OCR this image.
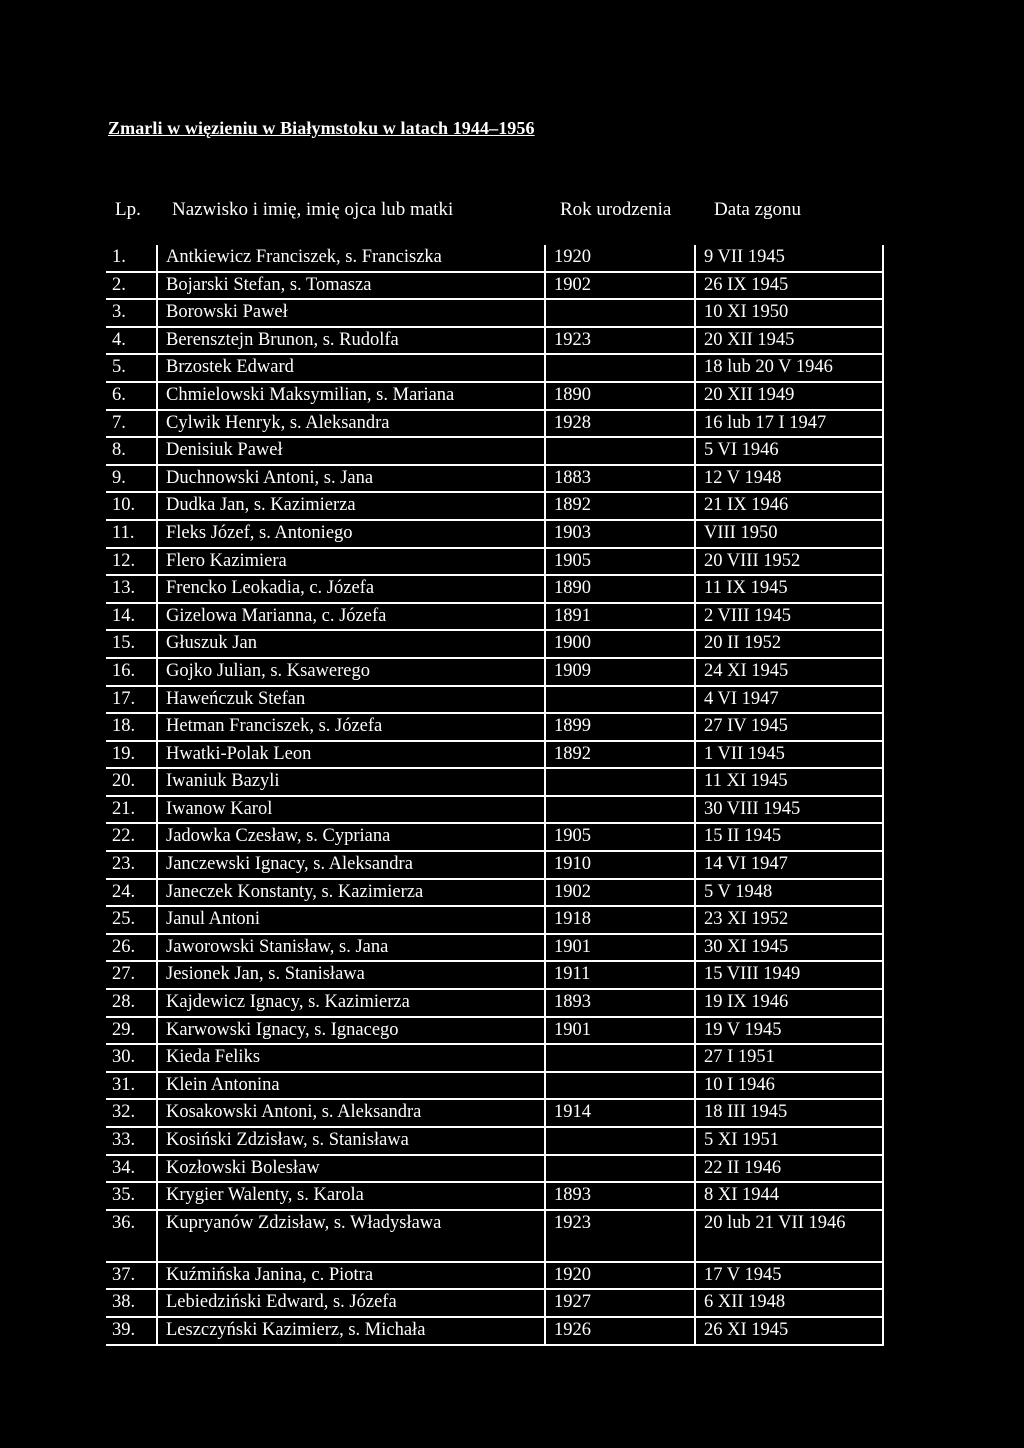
Zmarli w więzieniu w Białymstoku w latach 1944–1956
Lp. Nazwisko i imię, imię ojca lub matki	Rok urodzenia	Data zgonu
1.	Antkiewicz Franciszek, s. Franciszka	1920	9 VII 1945
2.	Bojarski Stefan, s. Tomasza	1902	26 IX 1945
3.	Borowski Paweł		10 XI 1950
4.	Berensztejn Brunon, s. Rudolfa	1923	20 XII 1945
5.	Brzostek Edward		18 lub 20 V 1946
6.	Chmielowski Maksymilian, s. Mariana	1890	20 XII 1949
7.	Cylwik Henryk, s. Aleksandra	1928	16 lub 17 I 1947
8.	Denisiuk Paweł		5 VI 1946
9.	Duchnowski Antoni, s. Jana	1883	12 V 1948
10.	Dudka Jan, s. Kazimierza	1892	21 IX 1946
11.	Fleks Józef, s. Antoniego	1903	VIII 1950
12.	Flero Kazimiera	1905	20 VIII 1952
13.	Frencko Leokadia, c. Józefa	1890	11 IX 1945
14.	Gizelowa Marianna, c. Józefa	1891	2 VIII 1945
15.	Głuszuk Jan	1900	20 II 1952
16.	Gojko Julian, s. Ksawerego	1909	24 XI 1945
17.	Haweńczuk Stefan		4 VI 1947
18.	Hetman Franciszek, s. Józefa	1899	27 IV 1945
19.	Hwatki-Polak Leon	1892	1 VII 1945
20.	Iwaniuk Bazyli		11 XI 1945
21.	Iwanow Karol		30 VIII 1945
22.	Jadowka Czesław, s. Cypriana	1905	15 II 1945
23.	Janczewski Ignacy, s. Aleksandra	1910	14 VI 1947
24.	Janeczek Konstanty, s. Kazimierza	1902	5 V 1948
25.	Janul Antoni	1918	23 XI 1952
26.	Jaworowski Stanisław, s. Jana	1901	30 XI 1945
27.	Jesionek Jan, s. Stanisława	1911	15 VIII 1949
28.	Kajdewicz Ignacy, s. Kazimierza	1893	19 IX 1946
29.	Karwowski Ignacy, s. Ignacego	1901	19 V 1945
30.	Kieda Feliks		27 I 1951
31.	Klein Antonina		10 I 1946
32.	Kosakowski Antoni, s. Aleksandra	1914	18 III 1945
33.	Kosiński Zdzisław, s. Stanisława		5 XI 1951
34.	Kozłowski Bolesław		22 II 1946
35.	Krygier Walenty, s. Karola	1893	8 XI 1944
36.	Kupryanów Zdzisław, s. Władysława	1923	20 lub 21 VII 1946
37.	Kuźmińska Janina, c. Piotra	1920	17 V 1945
38.	Lebiedziński Edward, s. Józefa	1927	6 XII 1948
39.	Leszczyński Kazimierz, s. Michała	1926	26 XI 1945
